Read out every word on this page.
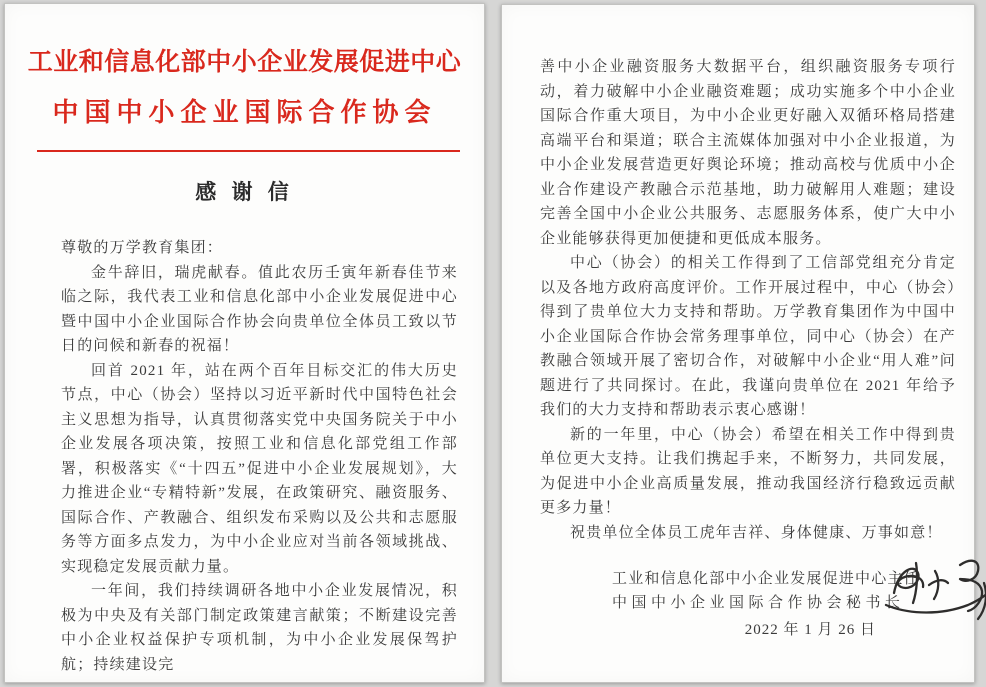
工业和信息化部中小企业发展促进中心
中国中小企业国际合作协会
感 谢 信

尊敬的万学教育集团：

金牛辞旧，瑞虎献春。值此农历壬寅年新春佳节来临之际，我代表工业和信息化部中小企业发展促进中心暨中国中小企业国际合作协会向贵单位全体员工致以节日的问候和新春的祝福！

回首 2021 年，站在两个百年目标交汇的伟大历史节点，中心（协会）坚持以习近平新时代中国特色社会主义思想为指导，认真贯彻落实党中央国务院关于中小企业发展各项决策，按照工业和信息化部党组工作部署，积极落实《“十四五”促进中小企业发展规划》，大力推进企业“专精特新”发展，在政策研究、融资服务、国际合作、产教融合、组织发布采购以及公共和志愿服务等方面多点发力，为中小企业应对当前各领域挑战、实现稳定发展贡献力量。

一年间，我们持续调研各地中小企业发展情况，积极为中央及有关部门制定政策建言献策；不断建设完善中小企业权益保护专项机制，为中小企业发展保驾护航；持续建设完

善中小企业融资服务大数据平台，组织融资服务专项行动，着力破解中小企业融资难题；成功实施多个中小企业国际合作重大项目，为中小企业更好融入双循环格局搭建高端平台和渠道；联合主流媒体加强对中小企业报道，为中小企业发展营造更好舆论环境；推动高校与优质中小企业合作建设产教融合示范基地，助力破解用人难题；建设完善全国中小企业公共服务、志愿服务体系，使广大中小企业能够获得更加便捷和更低成本服务。

中心（协会）的相关工作得到了工信部党组充分肯定以及各地方政府高度评价。工作开展过程中，中心（协会）得到了贵单位大力支持和帮助。万学教育集团作为中国中小企业国际合作协会常务理事单位，同中心（协会）在产教融合领域开展了密切合作，对破解中小企业“用人难”问题进行了共同探讨。在此，我谨向贵单位在 2021 年给予我们的大力支持和帮助表示衷心感谢！

新的一年里，中心（协会）希望在相关工作中得到贵单位更大支持。让我们携起手来，不断努力，共同发展，为促进中小企业高质量发展，推动我国经济行稳致远贡献更多力量！

祝贵单位全体员工虎年吉祥、身体健康、万事如意！

工业和信息化部中小企业发展促进中心主任
中国中小企业国际合作协会秘书长
2022 年 1 月 26 日
